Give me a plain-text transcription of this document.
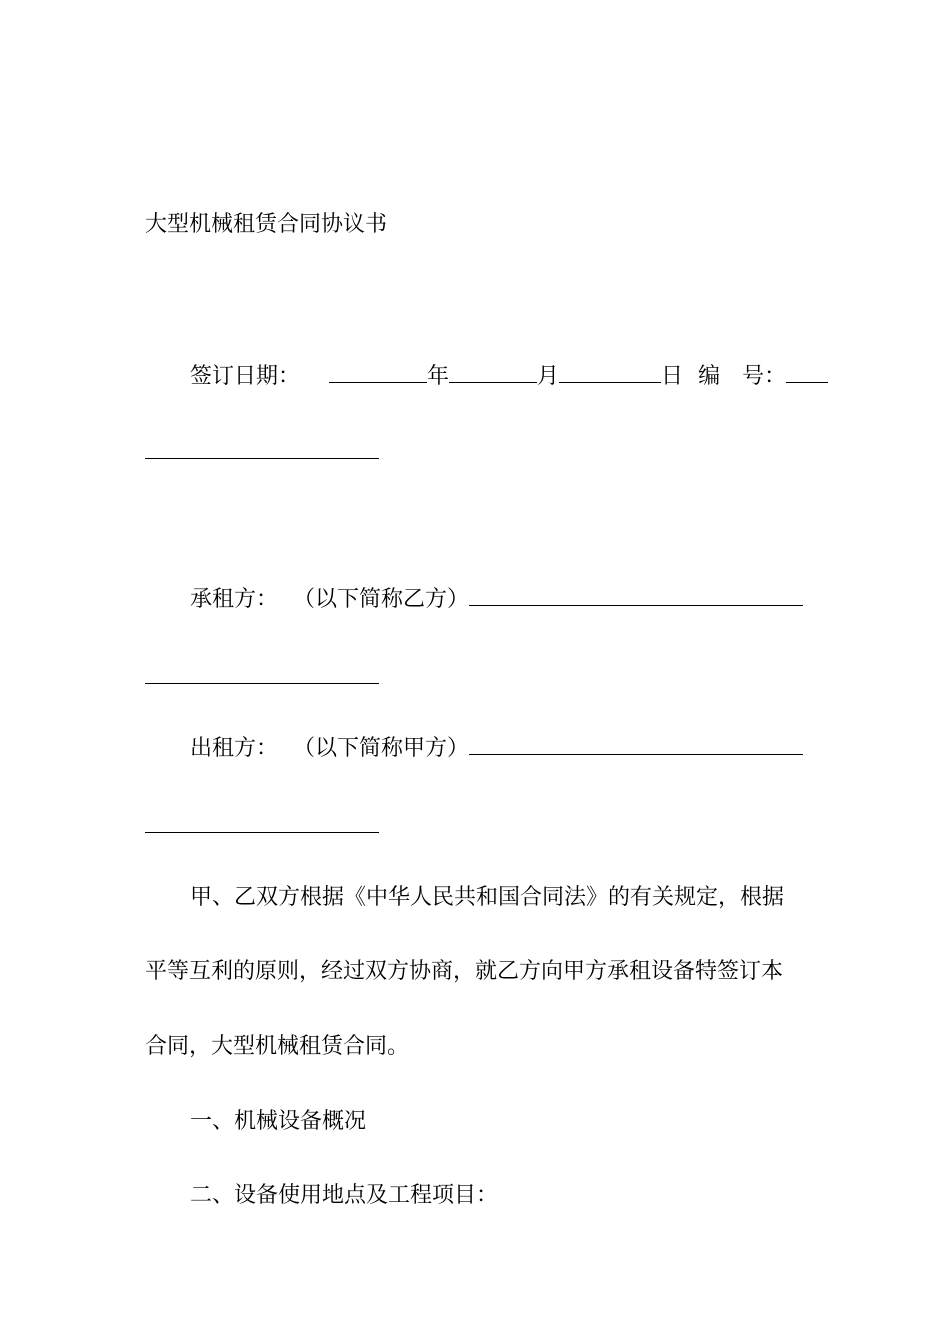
大型机械租赁合同协议书
签订日期：	年	月	日 编　号：
承租方： （以下简称乙方）
出租方： （以下简称甲方）
甲、乙双方根据《中华人民共和国合同法》的有关规定，根据
平等互利的原则，经过双方协商，就乙方向甲方承租设备特签订本
合同，大型机械租赁合同。
一、机械设备概况
二、设备使用地点及工程项目：
